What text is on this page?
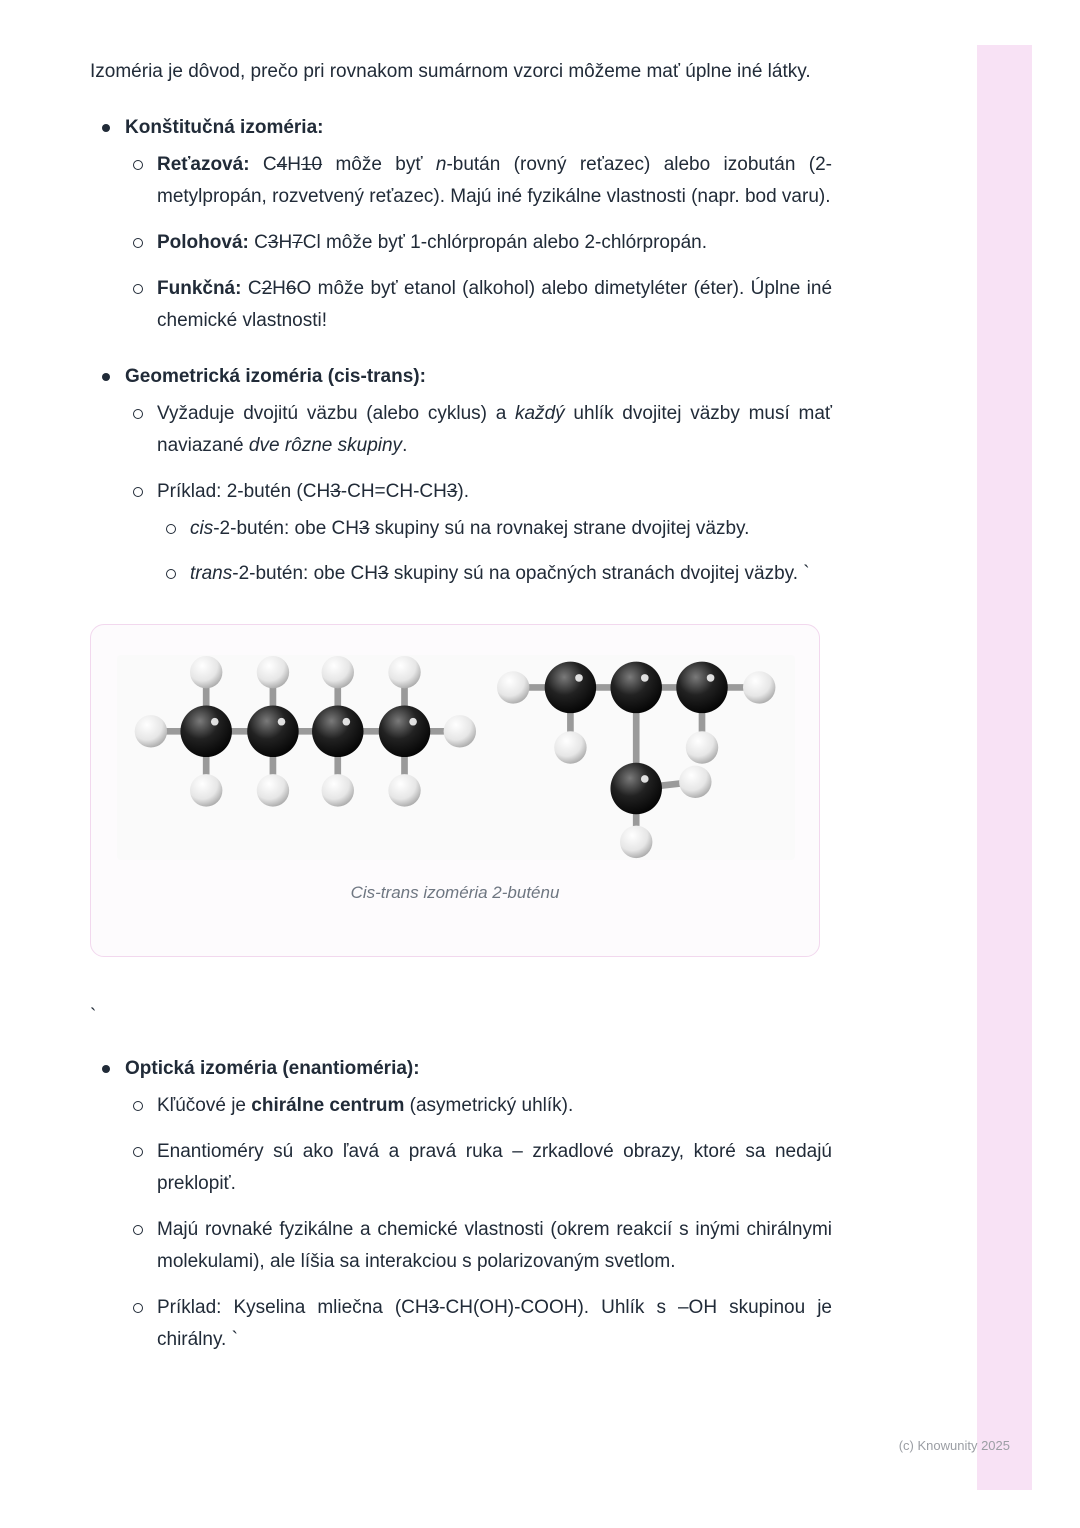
Izoméria je dôvod, prečo pri rovnakom sumárnom vzorci môžeme mať úplne iné látky.

Konštitučná izoméria:
Reťazová: C4H10 môže byť n-bután (rovný reťazec) alebo izobután (2-metylpropán, rozvetvený reťazec). Majú iné fyzikálne vlastnosti (napr. bod varu).
Polohová: C3H7Cl môže byť 1-chlórpropán alebo 2-chlórpropán.
Funkčná: C2H6O môže byť etanol (alkohol) alebo dimetyléter (éter). Úplne iné chemické vlastnosti!
Geometrická izoméria (cis-trans):
Vyžaduje dvojitú väzbu (alebo cyklus) a každý uhlík dvojitej väzby musí mať naviazané dve rôzne skupiny.
Príklad: 2-butén (CH3-CH=CH-CH3).
cis-2-butén: obe CH3 skupiny sú na rovnakej strane dvojitej väzby.
trans-2-butén: obe CH3 skupiny sú na opačných stranách dvojitej väzby. `
Cis-trans izoméria 2-buténu

`

Optická izoméria (enantioméria):
Kľúčové je chirálne centrum (asymetrický uhlík).
Enantioméry sú ako ľavá a pravá ruka – zrkadlové obrazy, ktoré sa nedajú preklopiť.
Majú rovnaké fyzikálne a chemické vlastnosti (okrem reakcií s inými chirálnymi molekulami), ale líšia sa interakciou s polarizovaným svetlom.
Príklad: Kyselina mliečna (CH3-CH(OH)-COOH). Uhlík s –OH skupinou je chirálny. `
(c) Knowunity 2025
